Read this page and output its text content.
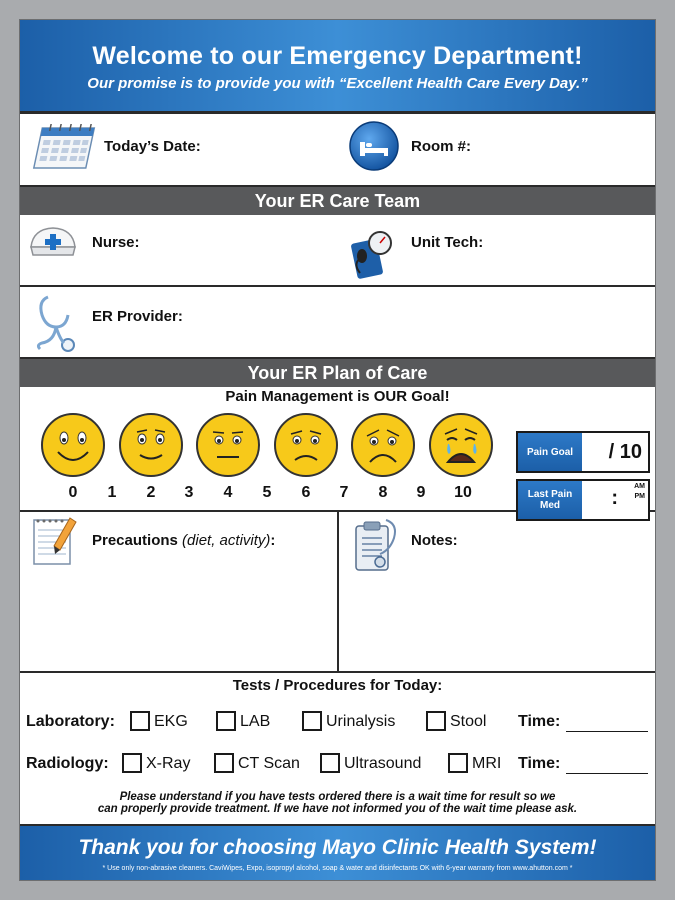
Welcome to our Emergency Department!

Our promise is to provide you with “Excellent Health Care Every Day.”

Today’s Date:	Room #:
Your ER Care Team
Nurse:	Unit Tech:
ER Provider:
Your ER Plan of Care
Pain Management is OUR Goal!
0	1	2	3	4	5	6	7	8	9	10
Pain Goal	/ 10
Last Pain Med	:
AM
PM
Precautions (diet, activity):	Notes:
Tests / Procedures for Today:
Laboratory: EKG	LAB	Urinalysis	Stool Time:
Radiology: X-Ray	CT Scan	Ultrasound	MRI Time:
Please understand if you have tests ordered there is a wait time for result so we
can properly provide treatment. If we have not informed you of the wait time please ask.
Thank you for choosing Mayo Clinic Health System!
* Use only non-abrasive cleaners. CaviWipes, Expo, isopropyl alcohol, soap & water and disinfectants OK with 6-year warranty from www.ahutton.com *
